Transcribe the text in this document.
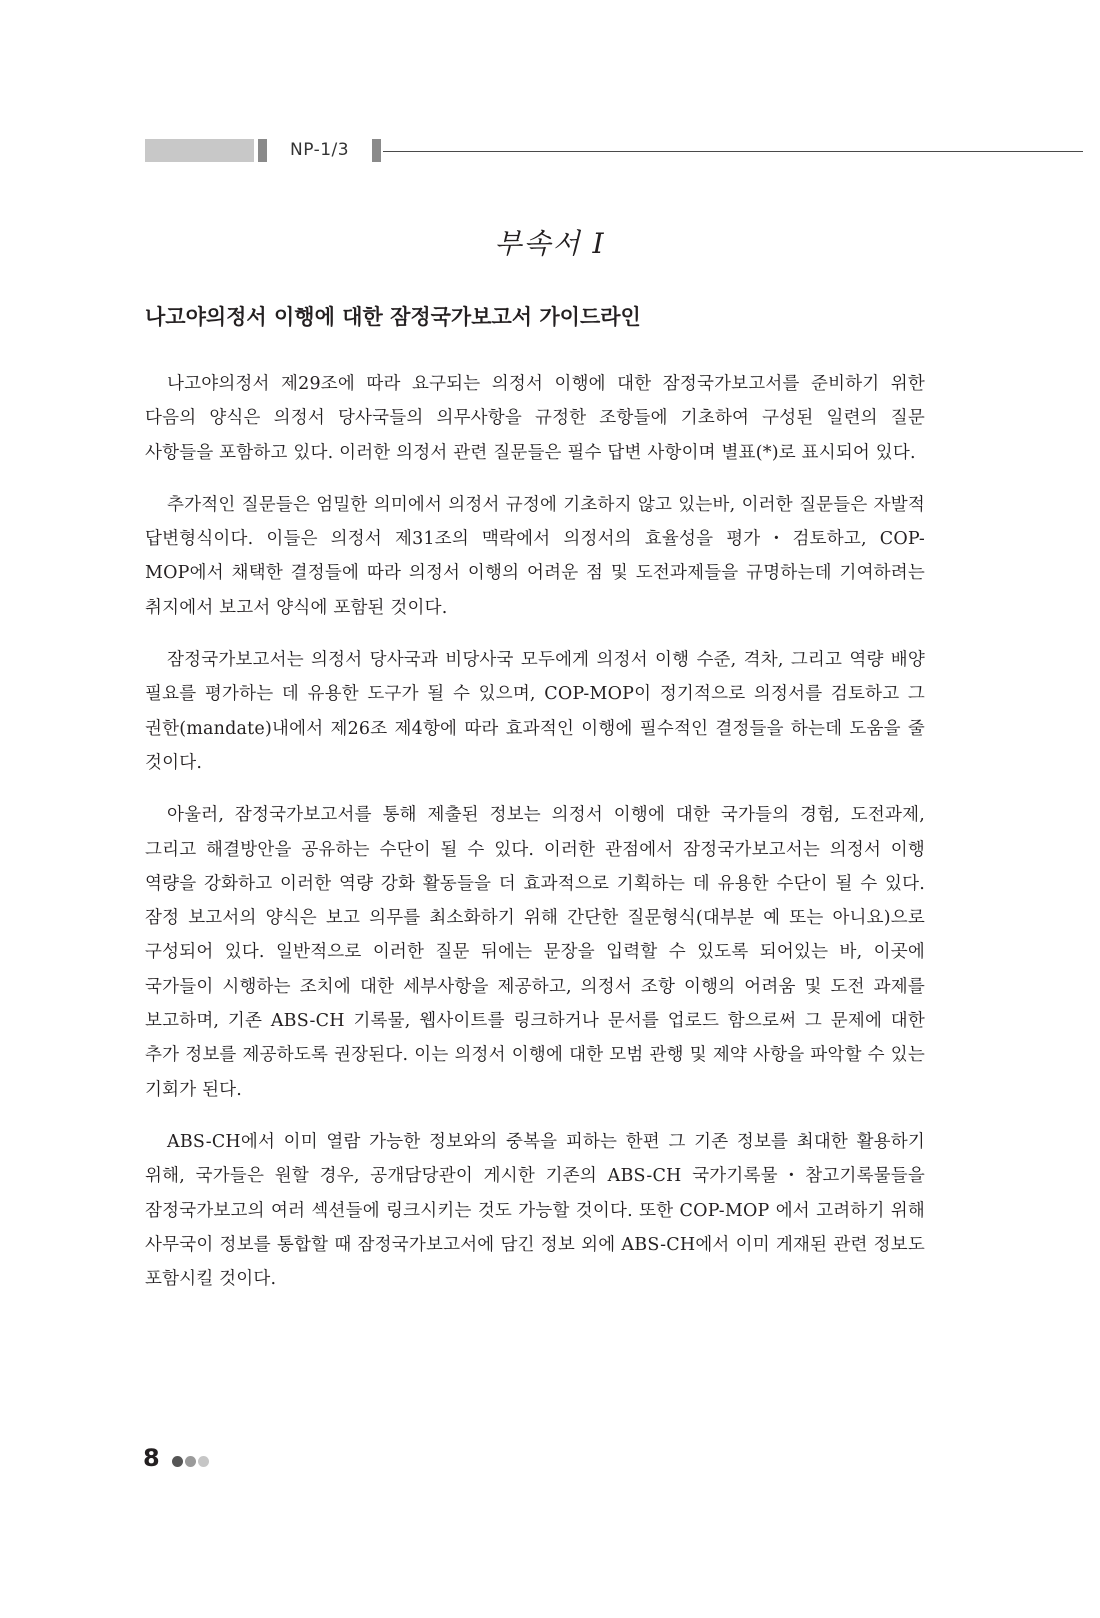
NP-1/3
부속서 I
나고야의정서 이행에 대한 잠정국가보고서 가이드라인

나고야의정서 제29조에 따라 요구되는 의정서 이행에 대한 잠정국가보고서를 준비하기 위한 다음의 양식은 의정서 당사국들의 의무사항을 규정한 조항들에 기초하여 구성된 일련의 질문 사항들을 포함하고 있다. 이러한 의정서 관련 질문들은 필수 답변 사항이며 별표(*)로 표시되어 있다.

추가적인 질문들은 엄밀한 의미에서 의정서 규정에 기초하지 않고 있는바, 이러한 질문들은 자발적 답변형식이다. 이들은 의정서 제31조의 맥락에서 의정서의 효율성을 평가・검토하고, COP-MOP에서 채택한 결정들에 따라 의정서 이행의 어려운 점 및 도전과제들을 규명하는데 기여하려는 취지에서 보고서 양식에 포함된 것이다.

잠정국가보고서는 의정서 당사국과 비당사국 모두에게 의정서 이행 수준, 격차, 그리고 역량 배양 필요를 평가하는 데 유용한 도구가 될 수 있으며, COP-MOP이 정기적으로 의정서를 검토하고 그 권한(mandate)내에서 제26조 제4항에 따라 효과적인 이행에 필수적인 결정들을 하는데 도움을 줄 것이다.

아울러, 잠정국가보고서를 통해 제출된 정보는 의정서 이행에 대한 국가들의 경험, 도전과제, 그리고 해결방안을 공유하는 수단이 될 수 있다. 이러한 관점에서 잠정국가보고서는 의정서 이행 역량을 강화하고 이러한 역량 강화 활동들을 더 효과적으로 기획하는 데 유용한 수단이 될 수 있다. 잠정 보고서의 양식은 보고 의무를 최소화하기 위해 간단한 질문형식(대부분 예 또는 아니요)으로 구성되어 있다. 일반적으로 이러한 질문 뒤에는 문장을 입력할 수 있도록 되어있는 바, 이곳에 국가들이 시행하는 조치에 대한 세부사항을 제공하고, 의정서 조항 이행의 어려움 및 도전 과제를 보고하며, 기존 ABS-CH 기록물, 웹사이트를 링크하거나 문서를 업로드 함으로써 그 문제에 대한 추가 정보를 제공하도록 권장된다. 이는 의정서 이행에 대한 모범 관행 및 제약 사항을 파악할 수 있는 기회가 된다.

ABS-CH에서 이미 열람 가능한 정보와의 중복을 피하는 한편 그 기존 정보를 최대한 활용하기 위해, 국가들은 원할 경우, 공개담당관이 게시한 기존의 ABS-CH 국가기록물・참고기록물들을 잠정국가보고의 여러 섹션들에 링크시키는 것도 가능할 것이다. 또한 COP-MOP 에서 고려하기 위해 사무국이 정보를 통합할 때 잠정국가보고서에 담긴 정보 외에 ABS-CH에서 이미 게재된 관련 정보도 포함시킬 것이다.

8
